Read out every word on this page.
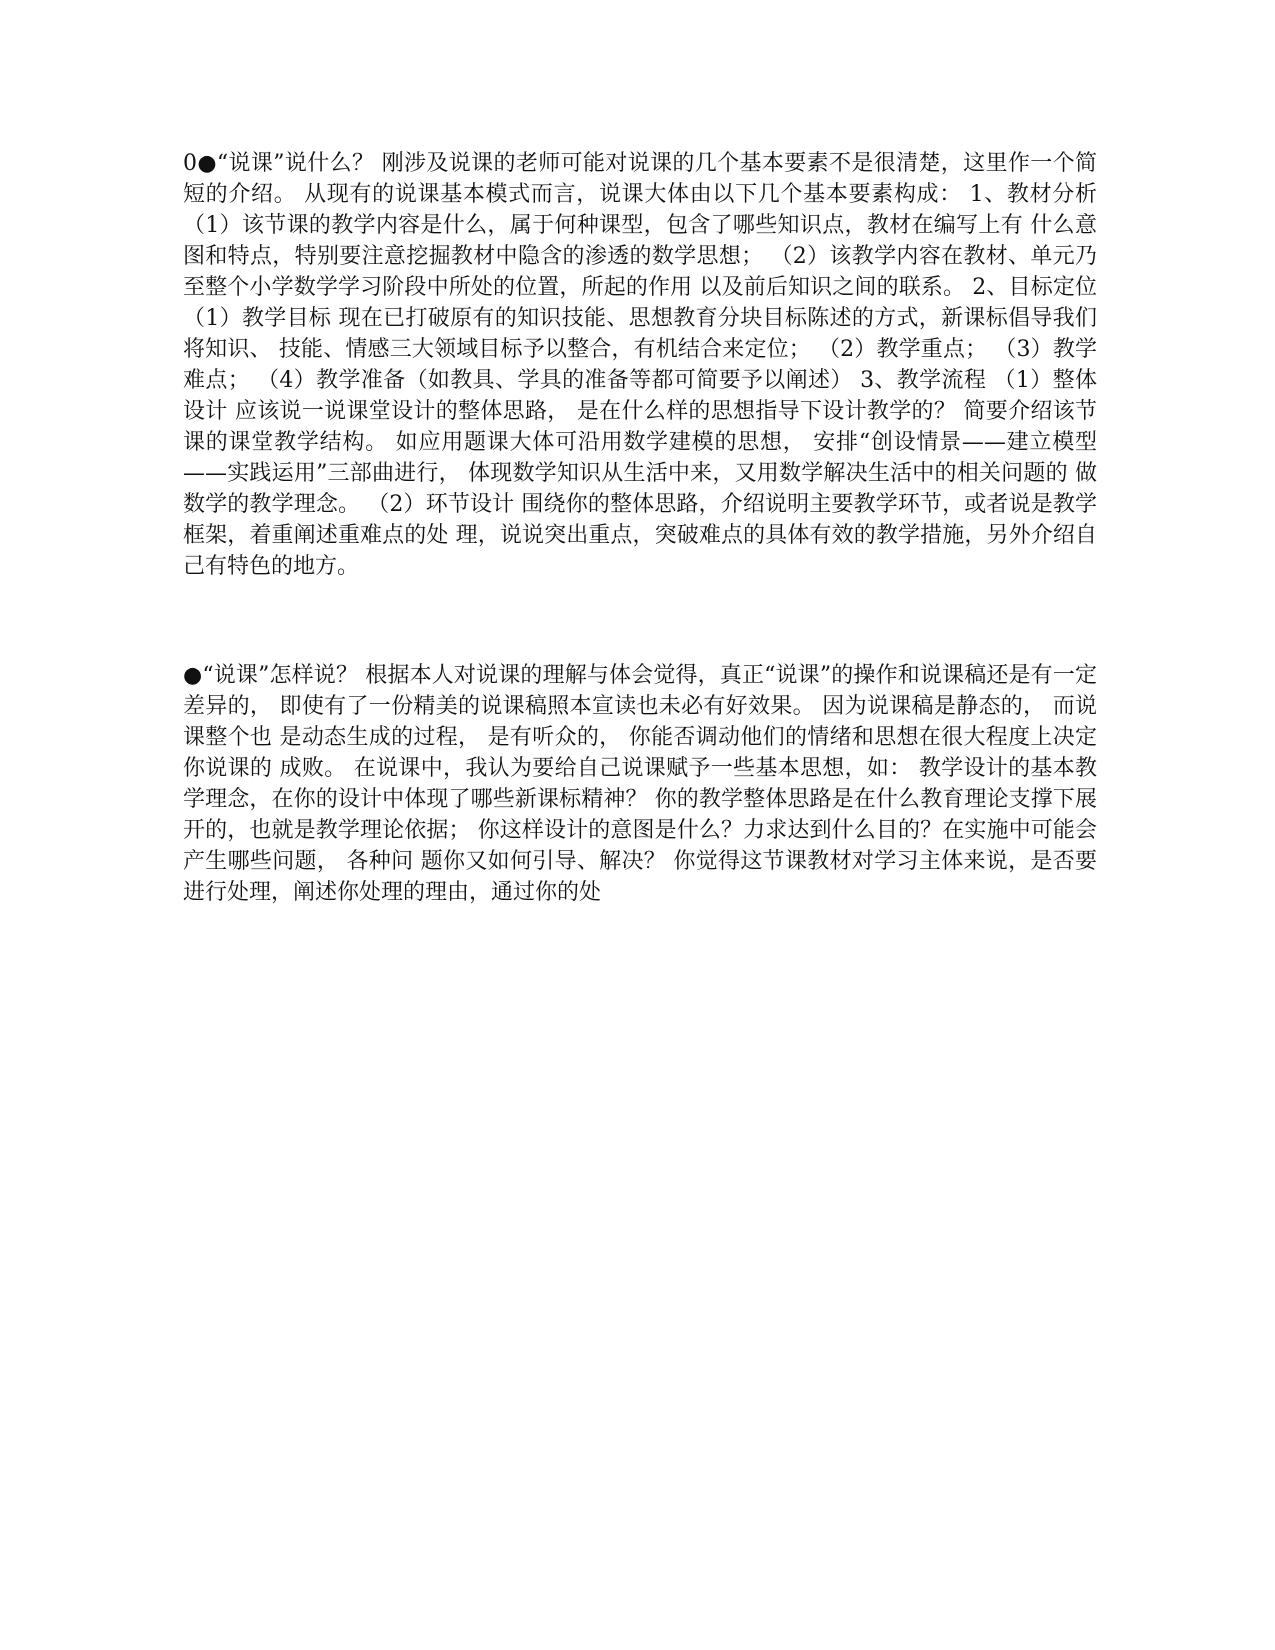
0●“说课”说什么？ 刚涉及说课的老师可能对说课的几个基本要素不是很清楚，这里作一个简短的介绍。 从现有的说课基本模式而言，说课大体由以下几个基本要素构成： 1、教材分析 （1）该节课的教学内容是什么，属于何种课型，包含了哪些知识点，教材在编写上有 什么意图和特点，特别要注意挖掘教材中隐含的渗透的数学思想； （2）该教学内容在教材、单元乃至整个小学数学学习阶段中所处的位置，所起的作用 以及前后知识之间的联系。 2、目标定位 （1）教学目标 现在已打破原有的知识技能、思想教育分块目标陈述的方式，新课标倡导我们将知识、 技能、情感三大领域目标予以整合，有机结合来定位； （2）教学重点； （3）教学难点； （4）教学准备（如教具、学具的准备等都可简要予以阐述） 3、教学流程 （1）整体设计 应该说一说课堂设计的整体思路， 是在什么样的思想指导下设计教学的？ 简要介绍该节 课的课堂教学结构。 如应用题课大体可沿用数学建模的思想， 安排“创设情景——建立模型 ——实践运用”三部曲进行， 体现数学知识从生活中来，又用数学解决生活中的相关问题的 做数学的教学理念。 （2）环节设计 围绕你的整体思路，介绍说明主要教学环节，或者说是教学框架，着重阐述重难点的处 理，说说突出重点，突破难点的具体有效的教学措施，另外介绍自己有特色的地方。

●“说课”怎样说？ 根据本人对说课的理解与体会觉得，真正“说课”的操作和说课稿还是有一定差异的， 即使有了一份精美的说课稿照本宣读也未必有好效果。 因为说课稿是静态的， 而说课整个也 是动态生成的过程， 是有听众的， 你能否调动他们的情绪和思想在很大程度上决定你说课的 成败。 在说课中，我认为要给自己说课赋予一些基本思想，如： 教学设计的基本教学理念，在你的设计中体现了哪些新课标精神？ 你的教学整体思路是在什么教育理论支撑下展开的，也就是教学理论依据； 你这样设计的意图是什么？力求达到什么目的？在实施中可能会产生哪些问题， 各种问 题你又如何引导、解决？ 你觉得这节课教材对学习主体来说，是否要进行处理，阐述你处理的理由，通过你的处
